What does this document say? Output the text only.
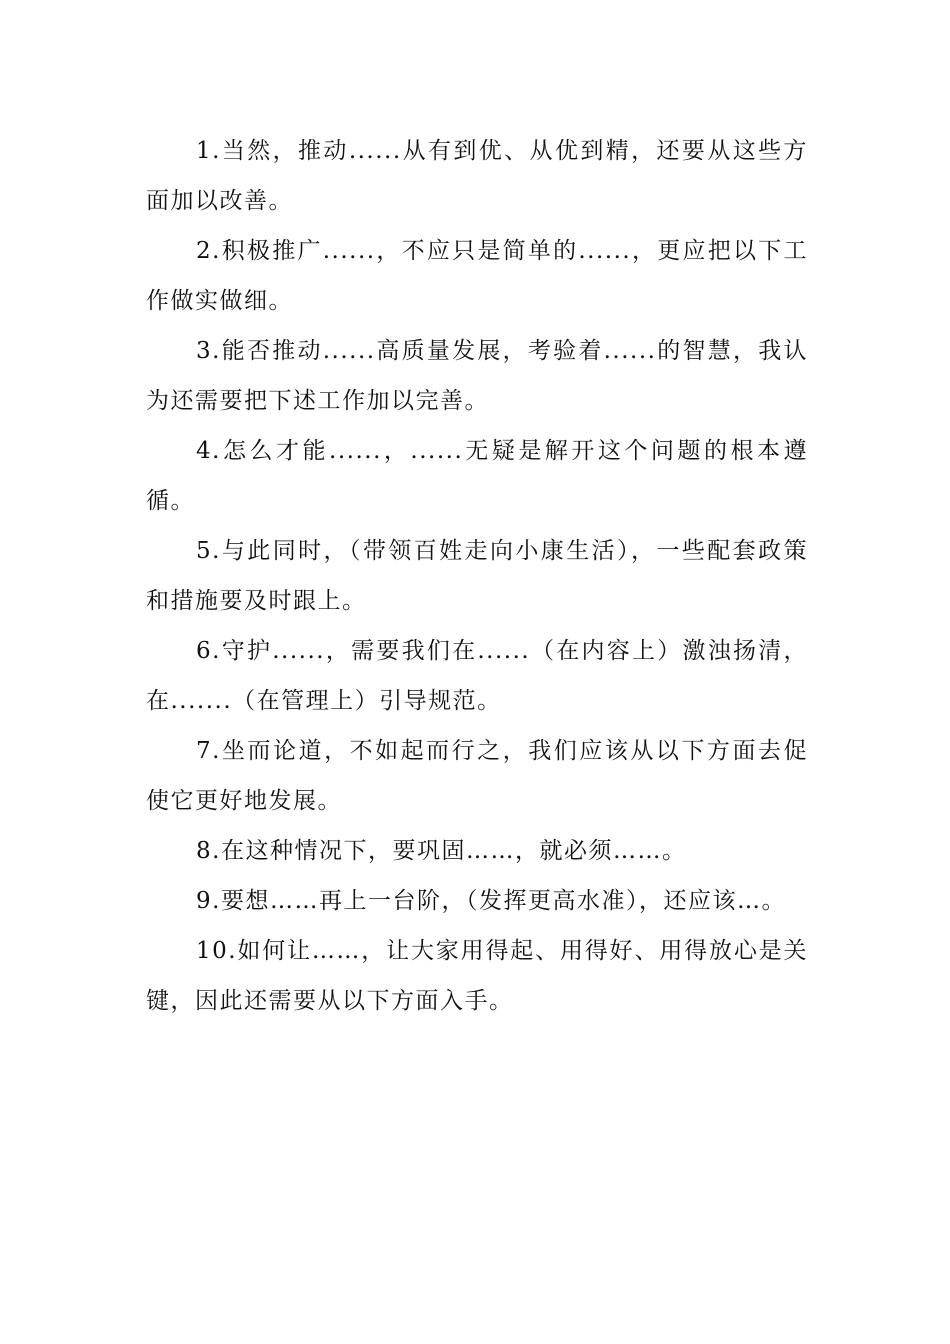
1.当然，推动......从有到优、从优到精，还要从这些方面加以改善。

2.积极推广......，不应只是简单的......，更应把以下工作做实做细。

3.能否推动......高质量发展，考验着......的智慧，我认为还需要把下述工作加以完善。

4.怎么才能......，......无疑是解开这个问题的根本遵循。

5.与此同时，（带领百姓走向小康生活），一些配套政策和措施要及时跟上。

6.守护......，需要我们在......（在内容上）激浊扬清，在.......（在管理上）引导规范。

7.坐而论道，不如起而行之，我们应该从以下方面去促使它更好地发展。

8.在这种情况下，要巩固……，就必须……。

9.要想……再上一台阶，（发挥更高水准），还应该…。

10.如何让……，让大家用得起、用得好、用得放心是关键，因此还需要从以下方面入手。
